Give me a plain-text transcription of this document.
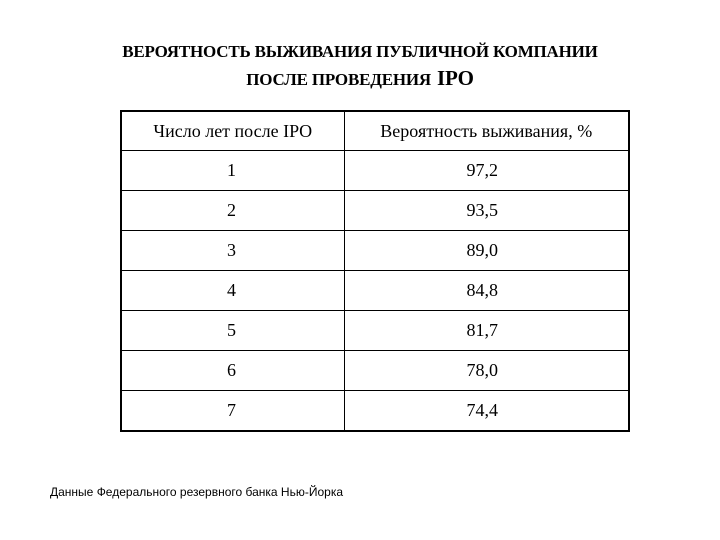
ВЕРОЯТНОСТЬ ВЫЖИВАНИЯ ПУБЛИЧНОЙ КОМПАНИИ
ПОСЛЕ ПРОВЕДЕНИЯ IPO
Число лет после IPO	Вероятность выживания, %
1	97,2
2	93,5
3	89,0
4	84,8
5	81,7
6	78,0
7	74,4
Данные Федерального резервного банка Нью-Йорка
